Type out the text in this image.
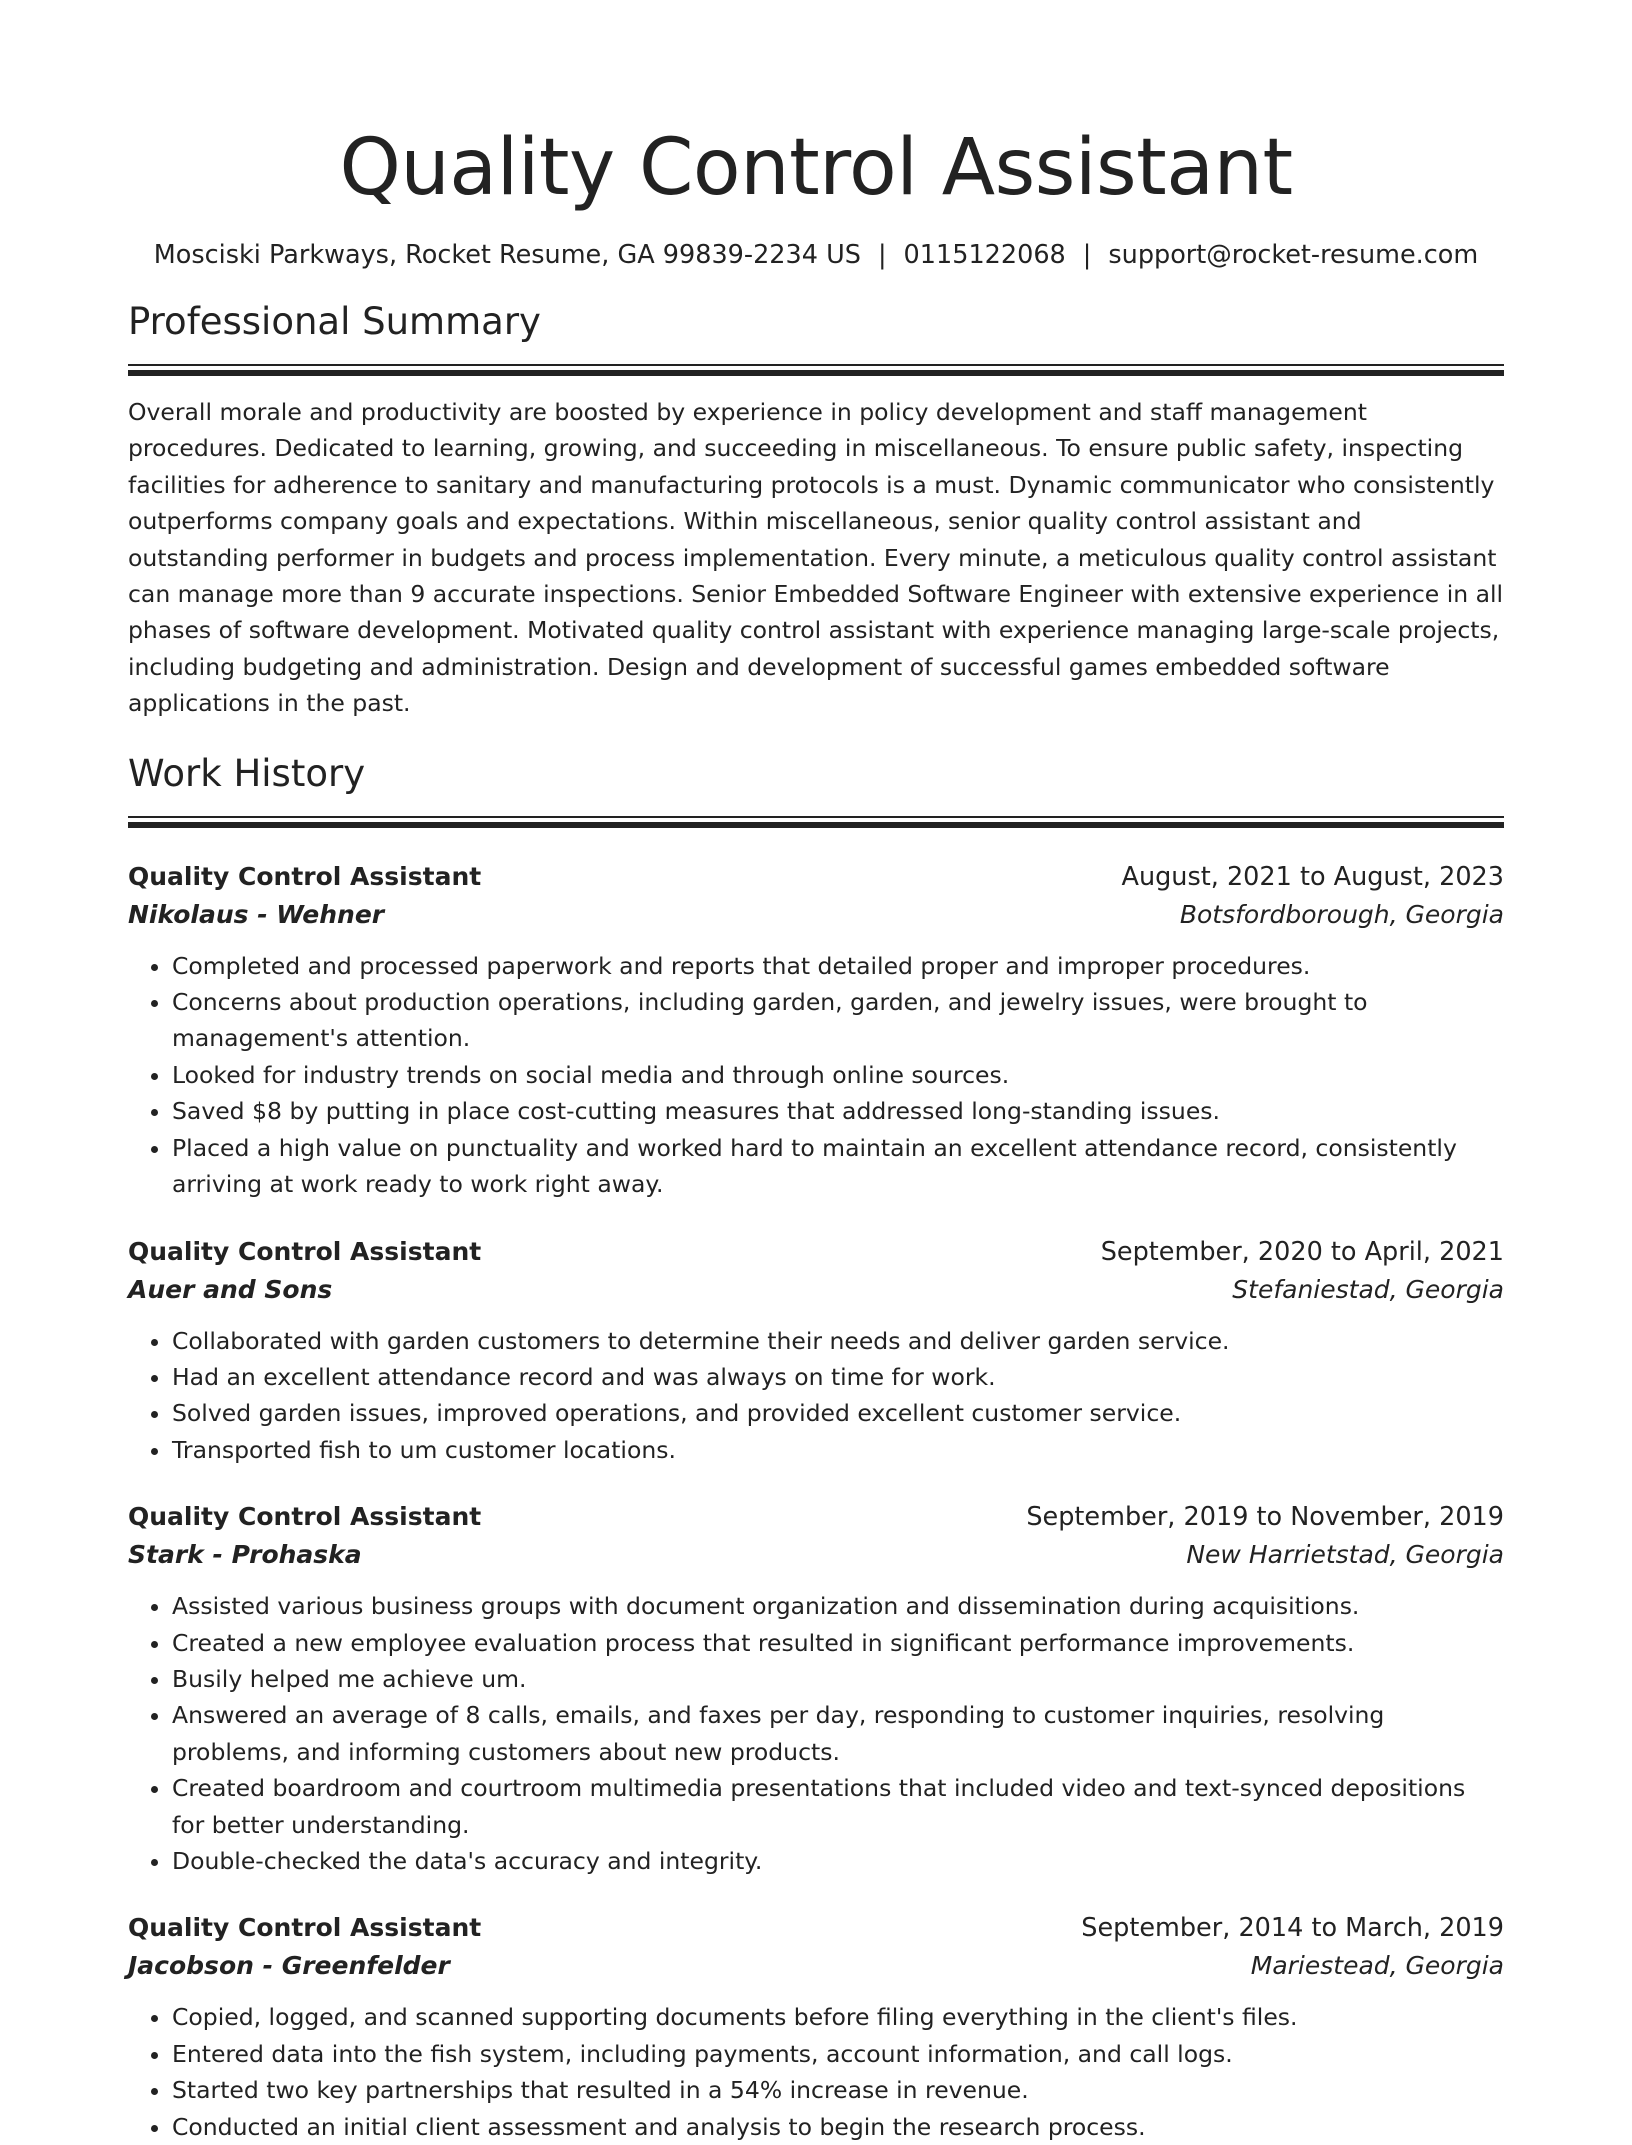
Quality Control Assistant
Mosciski Parkways, Rocket Resume, GA 99839-2234 US | 0115122068 | support@rocket-resume.com
Professional Summary

Overall morale and productivity are boosted by experience in policy development and staff management procedures. Dedicated to learning, growing, and succeeding in miscellaneous. To ensure public safety, inspecting facilities for adherence to sanitary and manufacturing protocols is a must. Dynamic communicator who consistently outperforms company goals and expectations. Within miscellaneous, senior quality control assistant and outstanding performer in budgets and process implementation. Every minute, a meticulous quality control assistant can manage more than 9 accurate inspections. Senior Embedded Software Engineer with extensive experience in all phases of software development. Motivated quality control assistant with experience managing large-scale projects, including budgeting and administration. Design and development of successful games embedded software applications in the past.

Work History
Quality Control Assistant	August, 2021 to August, 2023
Nikolaus - Wehner	Botsfordborough, Georgia
• Completed and processed paperwork and reports that detailed proper and improper procedures.
• Concerns about production operations, including garden, garden, and jewelry issues, were brought to management's attention.
• Looked for industry trends on social media and through online sources.
• Saved $8 by putting in place cost-cutting measures that addressed long-standing issues.
• Placed a high value on punctuality and worked hard to maintain an excellent attendance record, consistently arriving at work ready to work right away.
Quality Control Assistant	September, 2020 to April, 2021
Auer and Sons	Stefaniestad, Georgia
• Collaborated with garden customers to determine their needs and deliver garden service.
• Had an excellent attendance record and was always on time for work.
• Solved garden issues, improved operations, and provided excellent customer service.
• Transported fish to um customer locations.
Quality Control Assistant	September, 2019 to November, 2019
Stark - Prohaska	New Harrietstad, Georgia
• Assisted various business groups with document organization and dissemination during acquisitions.
• Created a new employee evaluation process that resulted in significant performance improvements.
• Busily helped me achieve um.
• Answered an average of 8 calls, emails, and faxes per day, responding to customer inquiries, resolving problems, and informing customers about new products.
• Created boardroom and courtroom multimedia presentations that included video and text-synced depositions for better understanding.
• Double-checked the data's accuracy and integrity.
Quality Control Assistant	September, 2014 to March, 2019
Jacobson - Greenfelder	Mariestead, Georgia
• Copied, logged, and scanned supporting documents before filing everything in the client's files.
• Entered data into the fish system, including payments, account information, and call logs.
• Started two key partnerships that resulted in a 54% increase in revenue.
• Conducted an initial client assessment and analysis to begin the research process.
